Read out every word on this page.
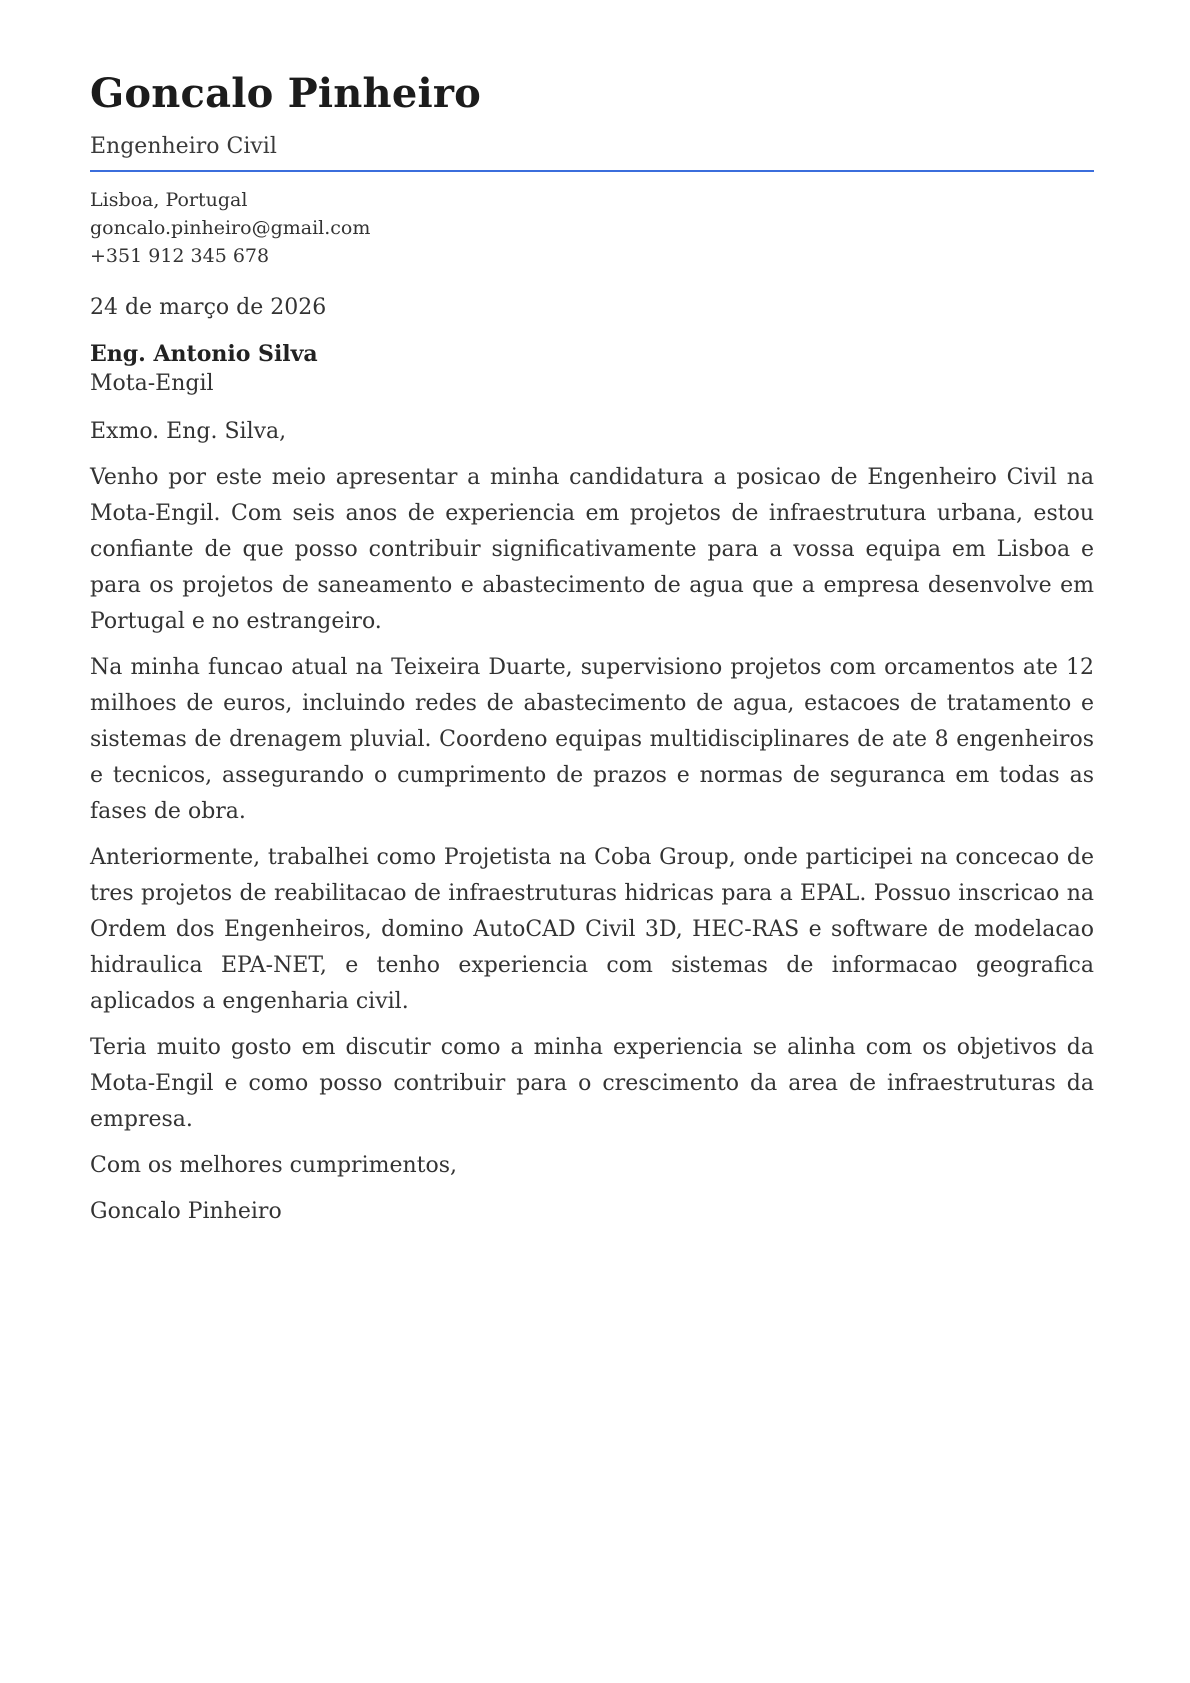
Goncalo Pinheiro
Engenheiro Civil
Lisboa, Portugal
goncalo.pinheiro@gmail.com
+351 912 345 678
24 de março de 2026
Eng. Antonio Silva
Mota-Engil
Exmo. Eng. Silva,

Venho por este meio apresentar a minha candidatura a posicao de Engenheiro Civil na Mota-Engil. Com seis anos de experiencia em projetos de infraestrutura urbana, estou confiante de que posso contribuir significativamente para a vossa equipa em Lisboa e para os projetos de saneamento e abastecimento de agua que a empresa desenvolve em Portugal e no estrangeiro.

Na minha funcao atual na Teixeira Duarte, supervisiono projetos com orcamentos ate 12 milhoes de euros, incluindo redes de abastecimento de agua, estacoes de tratamento e sistemas de drenagem pluvial. Coordeno equipas multidisciplinares de ate 8 engenheiros e tecnicos, assegurando o cumprimento de prazos e normas de seguranca em todas as fases de obra.

Anteriormente, trabalhei como Projetista na Coba Group, onde participei na concecao de tres projetos de reabilitacao de infraestruturas hidricas para a EPAL. Possuo inscricao na Ordem dos Engenheiros, domino AutoCAD Civil 3D, HEC-RAS e software de modelacao hidraulica EPA-NET, e tenho experiencia com sistemas de informacao geografica aplicados a engenharia civil.

Teria muito gosto em discutir como a minha experiencia se alinha com os objetivos da Mota-Engil e como posso contribuir para o crescimento da area de infraestruturas da empresa.

Com os melhores cumprimentos,
Goncalo Pinheiro
